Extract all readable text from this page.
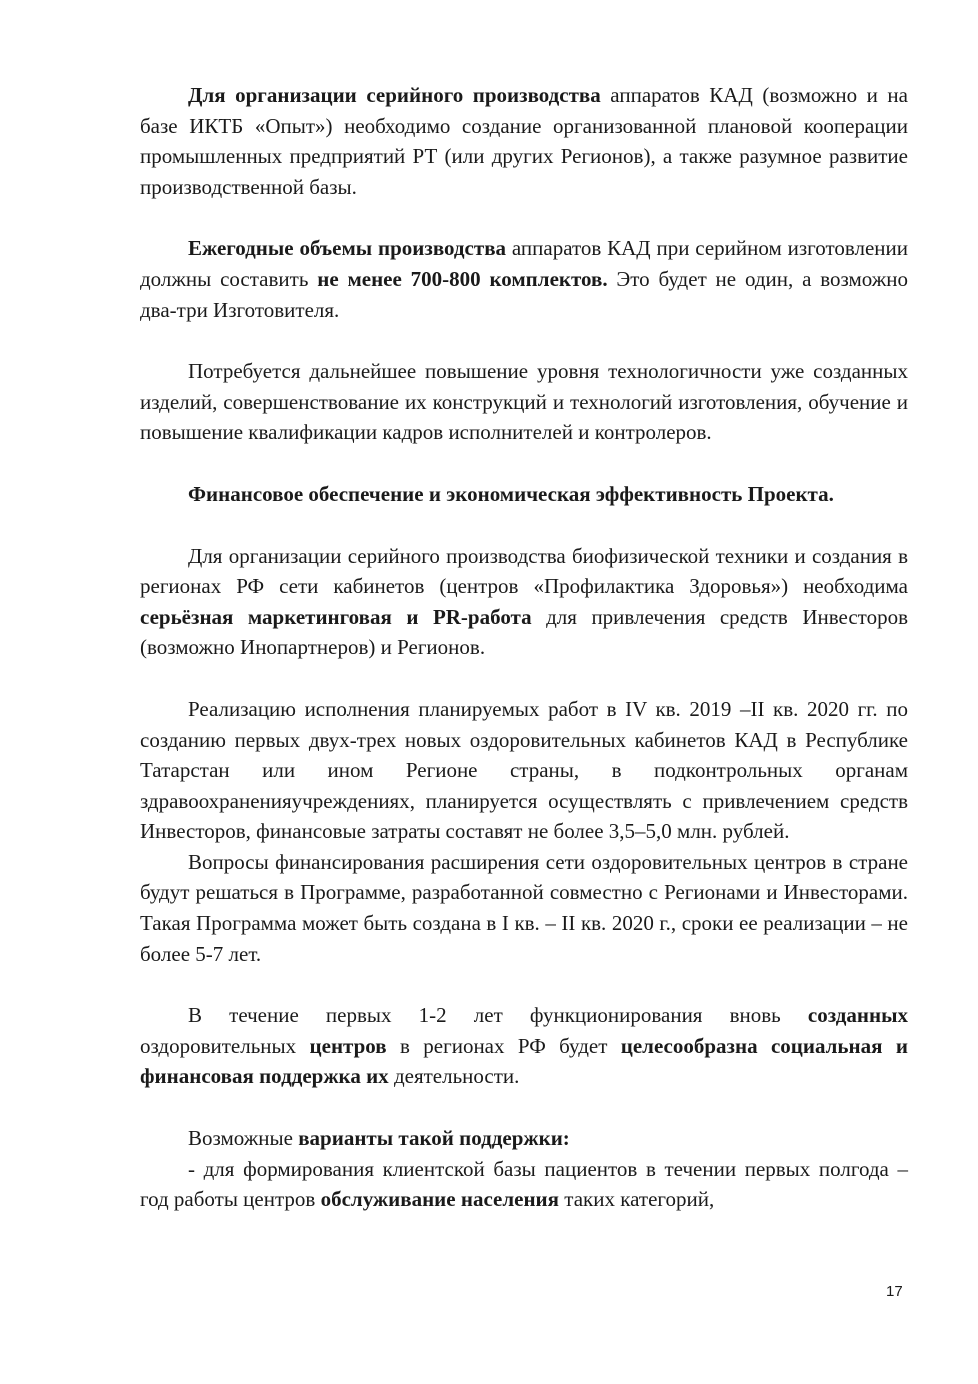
Для организации серийного производства аппаратов КАД (возможно и на базе ИКТБ «Опыт») необходимо создание организованной плановой кооперации промышленных предприятий РТ (или других Регионов), а также разумное развитие производственной базы.

Ежегодные объемы производства аппаратов КАД при серийном изготовлении должны составить не менее 700-800 комплектов. Это будет не один, а возможно два-три Изготовителя.

Потребуется дальнейшее повышение уровня технологичности уже созданных изделий, совершенствование их конструкций и технологий изготовления, обучение и повышение квалификации кадров исполнителей и контролеров.

Финансовое обеспечение и экономическая эффективность Проекта.

Для организации серийного производства биофизической техники и создания в регионах РФ сети кабинетов (центров «Профилактика Здоровья») необходима серьёзная маркетинговая и PR-работа для привлечения средств Инвесторов (возможно Инопартнеров) и Регионов.

Реализацию исполнения планируемых работ в IV кв. 2019 –II кв. 2020 гг. по созданию первых двух-трех новых оздоровительных кабинетов КАД в Республике Татарстан или ином Регионе страны, в подконтрольных органам здравоохраненияучреждениях, планируется осуществлять с привлечением средств Инвесторов, финансовые затраты составят не более 3,5–5,0 млн. рублей.

Вопросы финансирования расширения сети оздоровительных центров в стране будут решаться в Программе, разработанной совместно с Регионами и Инвесторами. Такая Программа может быть создана в I кв. – II кв. 2020 г., сроки ее реализации – не более 5-7 лет.

В течение первых 1-2 лет функционирования вновь созданных оздоровительных центров в регионах РФ будет целесообразна социальная и финансовая поддержка их деятельности.

Возможные варианты такой поддержки:

- для формирования клиентской базы пациентов в течении первых полгода – год работы центров обслуживание населения таких категорий,

17
